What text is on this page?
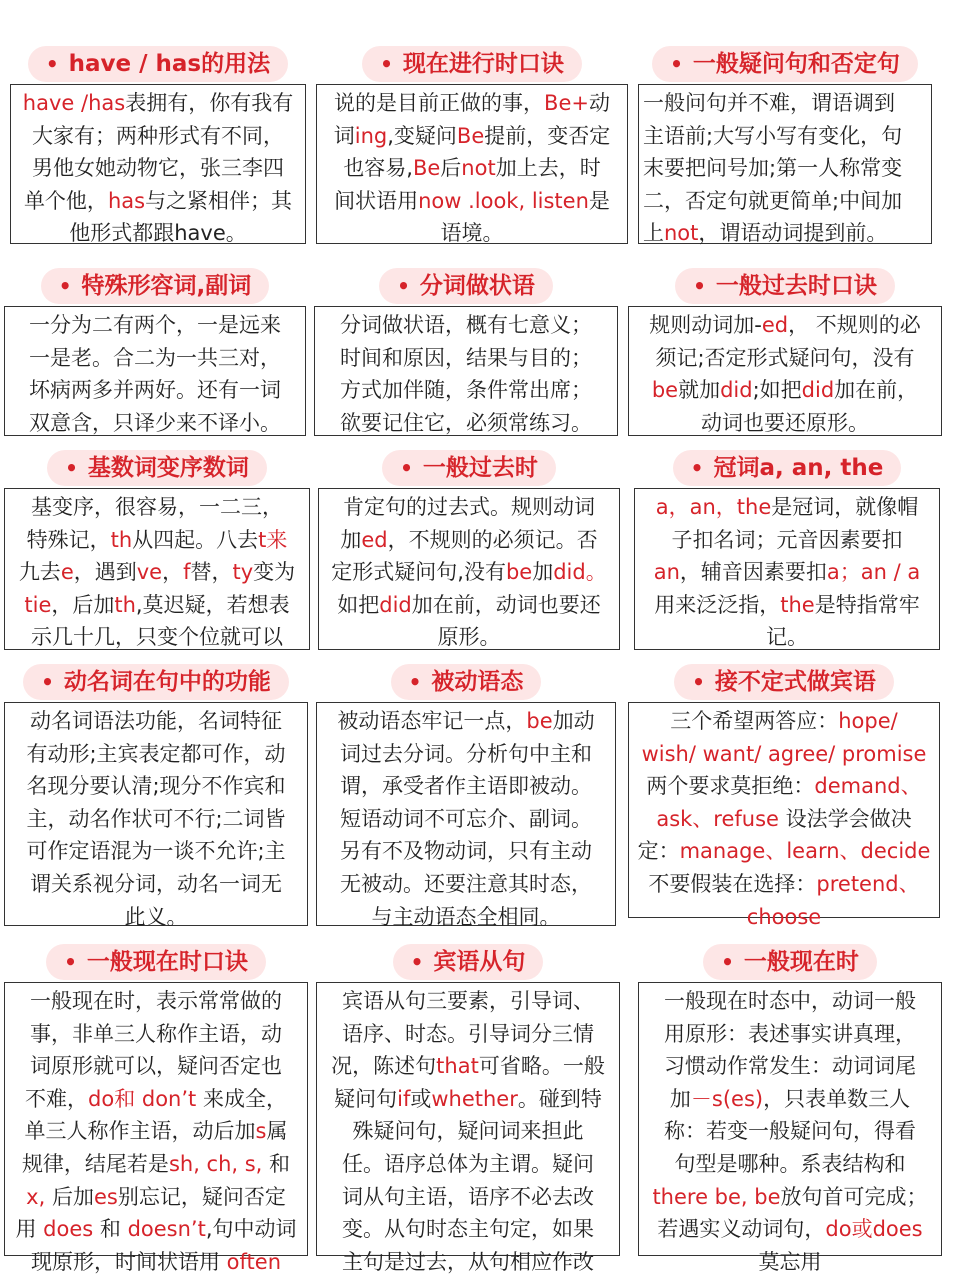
• have / has的用法
have /has表拥有，你有我有
大家有；两种形式有不同，
男他女她动物它，张三李四
单个他，has与之紧相伴；其
他形式都跟have。
• 现在进行时口诀
说的是目前正做的事，Be+动
词ing,变疑问Be提前，变否定
也容易,Be后not加上去，时
间状语用now .look, listen是
语境。
• 一般疑问句和否定句
一般问句并不难，谓语调到
主语前;大写小写有变化，句
末要把问号加;第一人称常变
二，否定句就更简单;中间加
上not，谓语动词提到前。
• 特殊形容词,副词
一分为二有两个，一是远来
一是老。合二为一共三对，
坏病两多并两好。还有一词
双意含，只译少来不译小。
• 分词做状语
分词做状语，概有七意义；
时间和原因，结果与目的；
方式加伴随，条件常出席；
欲要记住它，必须常练习。
• 一般过去时口诀
规则动词加-ed， 不规则的必
须记;否定形式疑问句，没有
be就加did;如把did加在前，
动词也要还原形。
• 基数词变序数词
基变序，很容易，一二三，
特殊记，th从四起。八去t来
九去e，遇到ve，f替，ty变为
tie，后加th,莫迟疑，若想表
示几十几，只变个位就可以
• 一般过去时
肯定句的过去式。规则动词
加ed，不规则的必须记。否
定形式疑问句,没有be加did。
如把did加在前，动词也要还
原形。
• 冠词a, an, the
a，an，the是冠词，就像帽
子扣名词；元音因素要扣
an，辅音因素要扣a；an / a
用来泛泛指，the是特指常牢
记。
• 动名词在句中的功能
动名词语法功能，名词特征
有动形;主宾表定都可作，动
名现分要认清;现分不作宾和
主，动名作状可不行;二词皆
可作定语混为一谈不允许;主
谓关系视分词，动名一词无
此义。
• 被动语态
被动语态牢记一点，be加动
词过去分词。分析句中主和
谓，承受者作主语即被动。
短语动词不可忘介、副词。
另有不及物动词，只有主动
无被动。还要注意其时态，
与主动语态全相同。
• 接不定式做宾语
三个希望两答应：hope/
wish/ want/ agree/ promise
两个要求莫拒绝：demand、
ask、refuse 设法学会做决
定：manage、learn、decide
不要假装在选择：pretend、
choose
• 一般现在时口诀
一般现在时，表示常常做的
事，非单三人称作主语，动
词原形就可以，疑问否定也
不难，do和 don’t 来成全，
单三人称作主语，动后加s属
规律，结尾若是sh, ch, s, 和
x, 后加es别忘记，疑问否定
用 does 和 doesn’t,句中动词
现原形，时间状语用 often
• 宾语从句
宾语从句三要素，引导词、
语序、时态。引导词分三情
况，陈述句that可省略。一般
疑问句if或whether。碰到特
殊疑问句，疑问词来担此
任。语序总体为主谓。疑问
词从句主语，语序不必去改
变。从句时态主句定，如果
主句是过去，从句相应作改
• 一般现在时
一般现在时态中，动词一般
用原形：表述事实讲真理，
习惯动作常发生：动词词尾
加－s(es)，只表单数三人
称：若变一般疑问句，得看
句型是哪种。系表结构和
there be, be放句首可完成；
若遇实义动词句，do或does
莫忘用
